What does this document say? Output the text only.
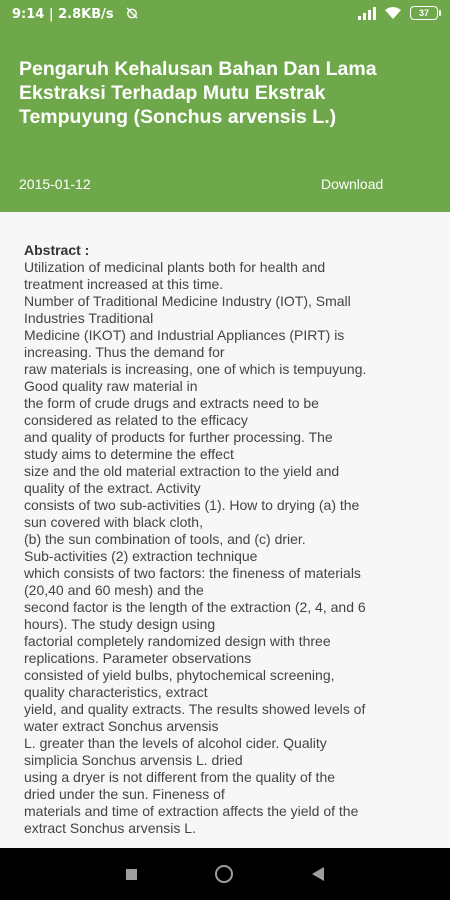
9:14 | 2.8KB/s	37
Pengaruh Kehalusan Bahan Dan Lama Ekstraksi Terhadap Mutu Ekstrak Tempuyung (Sonchus arvensis L.)
2015-01-12	Download
Abstract :
Utilization of medicinal plants both for health and
treatment increased at this time.
Number of Traditional Medicine Industry (IOT), Small
Industries Traditional
Medicine (IKOT) and Industrial Appliances (PIRT) is
increasing. Thus the demand for
raw materials is increasing, one of which is tempuyung.
Good quality raw material in
the form of crude drugs and extracts need to be
considered as related to the efficacy
and quality of products for further processing. The
study aims to determine the effect
size and the old material extraction to the yield and
quality of the extract. Activity
consists of two sub-activities (1). How to drying (a) the
sun covered with black cloth,
(b) the sun combination of tools, and (c) drier.
Sub-activities (2) extraction technique
which consists of two factors: the fineness of materials
(20,40 and 60 mesh) and the
second factor is the length of the extraction (2, 4, and 6
hours). The study design using
factorial completely randomized design with three
replications. Parameter observations
consisted of yield bulbs, phytochemical screening,
quality characteristics, extract
yield, and quality extracts. The results showed levels of
water extract Sonchus arvensis
L. greater than the levels of alcohol cider. Quality
simplicia Sonchus arvensis L. dried
using a dryer is not different from the quality of the
dried under the sun. Fineness of
materials and time of extraction affects the yield of the
extract Sonchus arvensis L.
